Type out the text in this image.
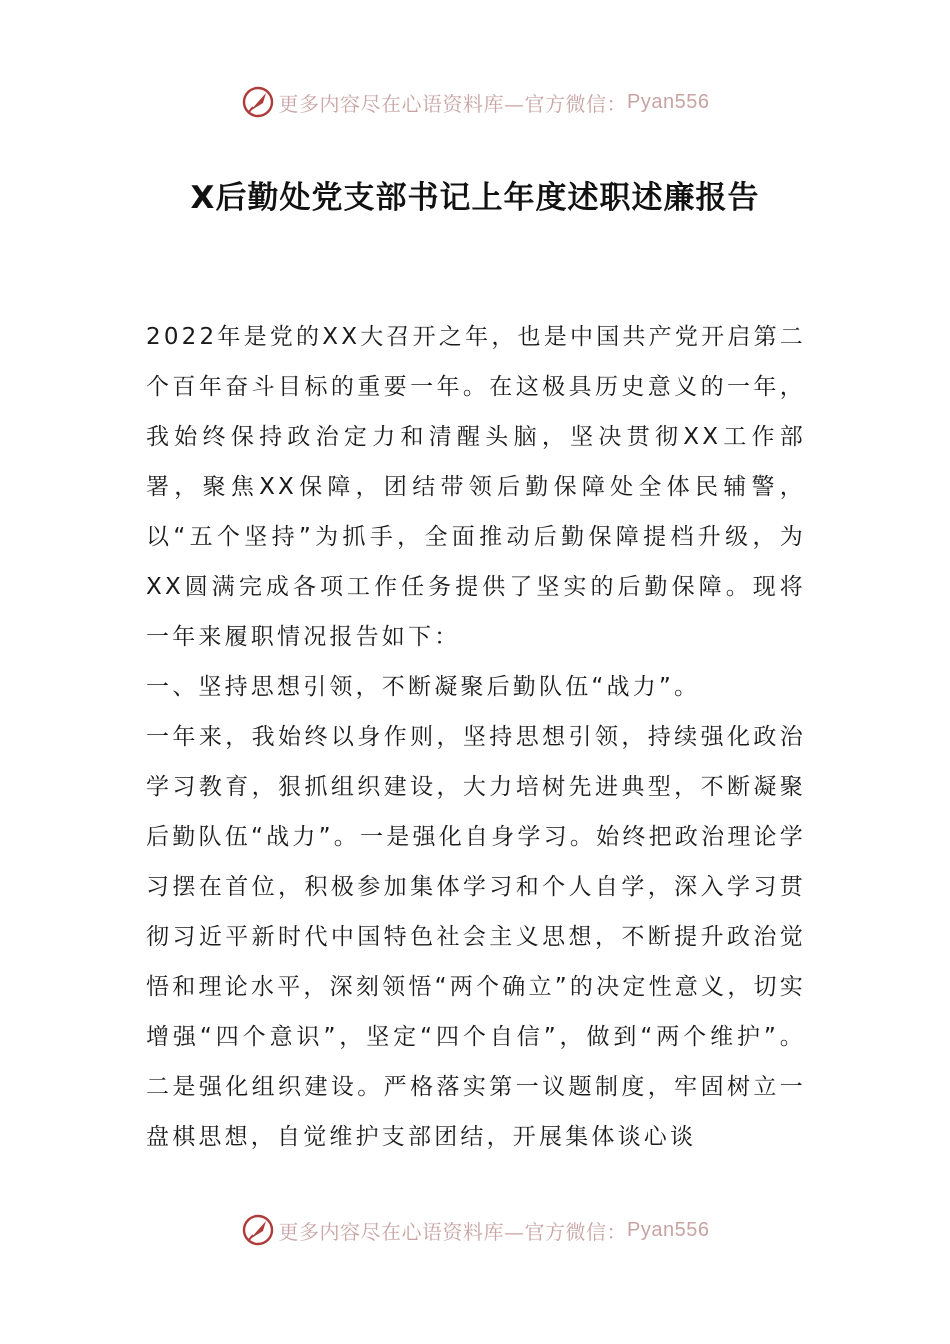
更多内容尽在心语资料库—官方微信： Pyan556
X后勤处党支部书记上年度述职述廉报告

2022年是党的XX大召开之年，也是中国共产党开启第二个百年奋斗目标的重要一年。在这极具历史意义的一年，我始终保持政治定力和清醒头脑，坚决贯彻XX工作部署，聚焦XX保障，团结带领后勤保障处全体民辅警，以“五个坚持”为抓手，全面推动后勤保障提档升级，为XX圆满完成各项工作任务提供了坚实的后勤保障。现将一年来履职情况报告如下：

一、坚持思想引领，不断凝聚后勤队伍“战力”。

一年来，我始终以身作则，坚持思想引领，持续强化政治学习教育，狠抓组织建设，大力培树先进典型，不断凝聚后勤队伍“战力”。一是强化自身学习。始终把政治理论学习摆在首位，积极参加集体学习和个人自学，深入学习贯彻习近平新时代中国特色社会主义思想，不断提升政治觉悟和理论水平，深刻领悟“两个确立”的决定性意义，切实增强“四个意识”，坚定“四个自信”，做到“两个维护”。二是强化组织建设。严格落实第一议题制度，牢固树立一盘棋思想，自觉维护支部团结，开展集体谈心谈

更多内容尽在心语资料库—官方微信： Pyan556
